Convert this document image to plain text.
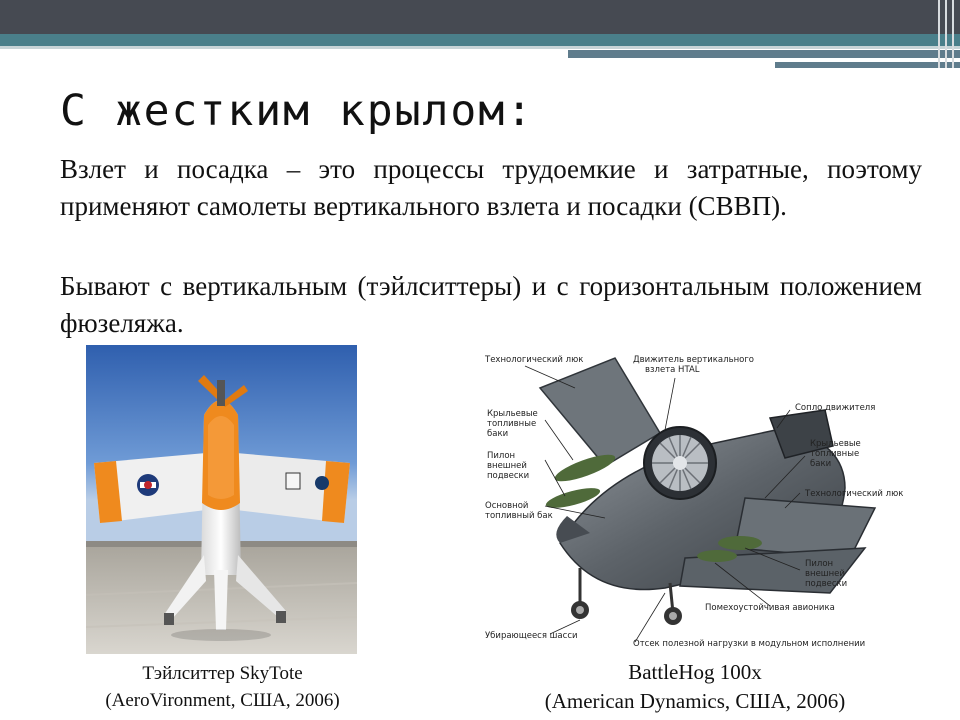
С жестким крылом:

Взлет и посадка – это процессы трудоемкие и затратные, поэтому применяют самолеты вертикального взлета и посадки (СВВП).

Бывают с вертикальным (тэйлситтеры) и с горизонтальным положением фюзеляжа.

Технологический люк	Движитель вертикального
взлета HTAL
Сопло движителя
Крыльевые
топливные
баки
Пилон
внешней
подвески
Основной
топливный бак
Крыльевые
топливные
баки
Технологический люк
Пилон
внешней
подвески
Помехоустойчивая авионика
Убирающееся шасси
Отсек полезной нагрузки в модульном исполнении
Тэйлситтер SkyTote
(AeroVironment, США, 2006)
BattleHog 100x
(American Dynamics, США, 2006)
